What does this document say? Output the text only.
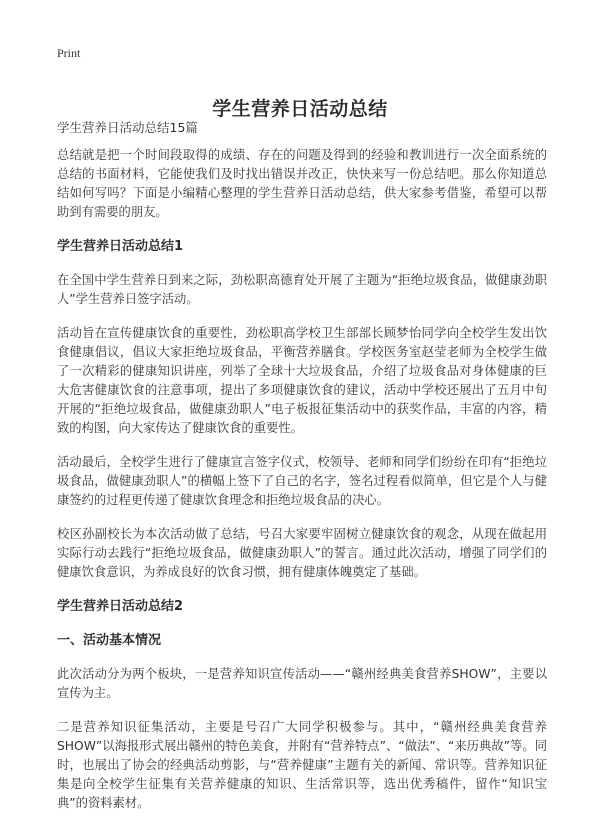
Print
学生营养日活动总结
学生营养日活动总结15篇

总结就是把一个时间段取得的成绩、存在的问题及得到的经验和教训进行一次全面系统的总结的书面材料，它能使我们及时找出错误并改正，快快来写一份总结吧。那么你知道总结如何写吗？下面是小编精心整理的学生营养日活动总结，供大家参考借鉴，希望可以帮助到有需要的朋友。

学生营养日活动总结1

在全国中学生营养日到来之际，劲松职高德育处开展了主题为“拒绝垃圾食品，做健康劲职人”学生营养日签字活动。

活动旨在宣传健康饮食的重要性，劲松职高学校卫生部部长顾梦怡同学向全校学生发出饮食健康倡议，倡议大家拒绝垃圾食品，平衡营养膳食。学校医务室赵莹老师为全校学生做了一次精彩的健康知识讲座，列举了全球十大垃圾食品，介绍了垃圾食品对身体健康的巨大危害健康饮食的注意事项，提出了多项健康饮食的建议，活动中学校还展出了五月中旬开展的“拒绝垃圾食品，做健康劲职人”电子板报征集活动中的获奖作品，丰富的内容，精致的构图，向大家传达了健康饮食的重要性。

活动最后，全校学生进行了健康宣言签字仪式，校领导、老师和同学们纷纷在印有“拒绝垃圾食品，做健康劲职人”的横幅上签下了自己的名字，签名过程看似简单，但它是个人与健康签约的过程更传递了健康饮食理念和拒绝垃圾食品的决心。

校区孙副校长为本次活动做了总结，号召大家要牢固树立健康饮食的观念，从现在做起用实际行动去践行“拒绝垃圾食品，做健康劲职人”的誓言。通过此次活动，增强了同学们的健康饮食意识，为养成良好的饮食习惯，拥有健康体魄奠定了基础。

学生营养日活动总结2
一、活动基本情况

此次活动分为两个板块，一是营养知识宣传活动——“赣州经典美食营养SHOW”，主要以宣传为主。

二是营养知识征集活动，主要是号召广大同学积极参与。其中，“赣州经典美食营养SHOW”以海报形式展出赣州的特色美食，并附有“营养特点”、“做法”、“来历典故”等。同时，也展出了协会的经典活动剪影，与“营养健康”主题有关的新闻、常识等。营养知识征集是向全校学生征集有关营养健康的知识、生活常识等，选出优秀稿件，留作“知识宝典”的资料素材。
